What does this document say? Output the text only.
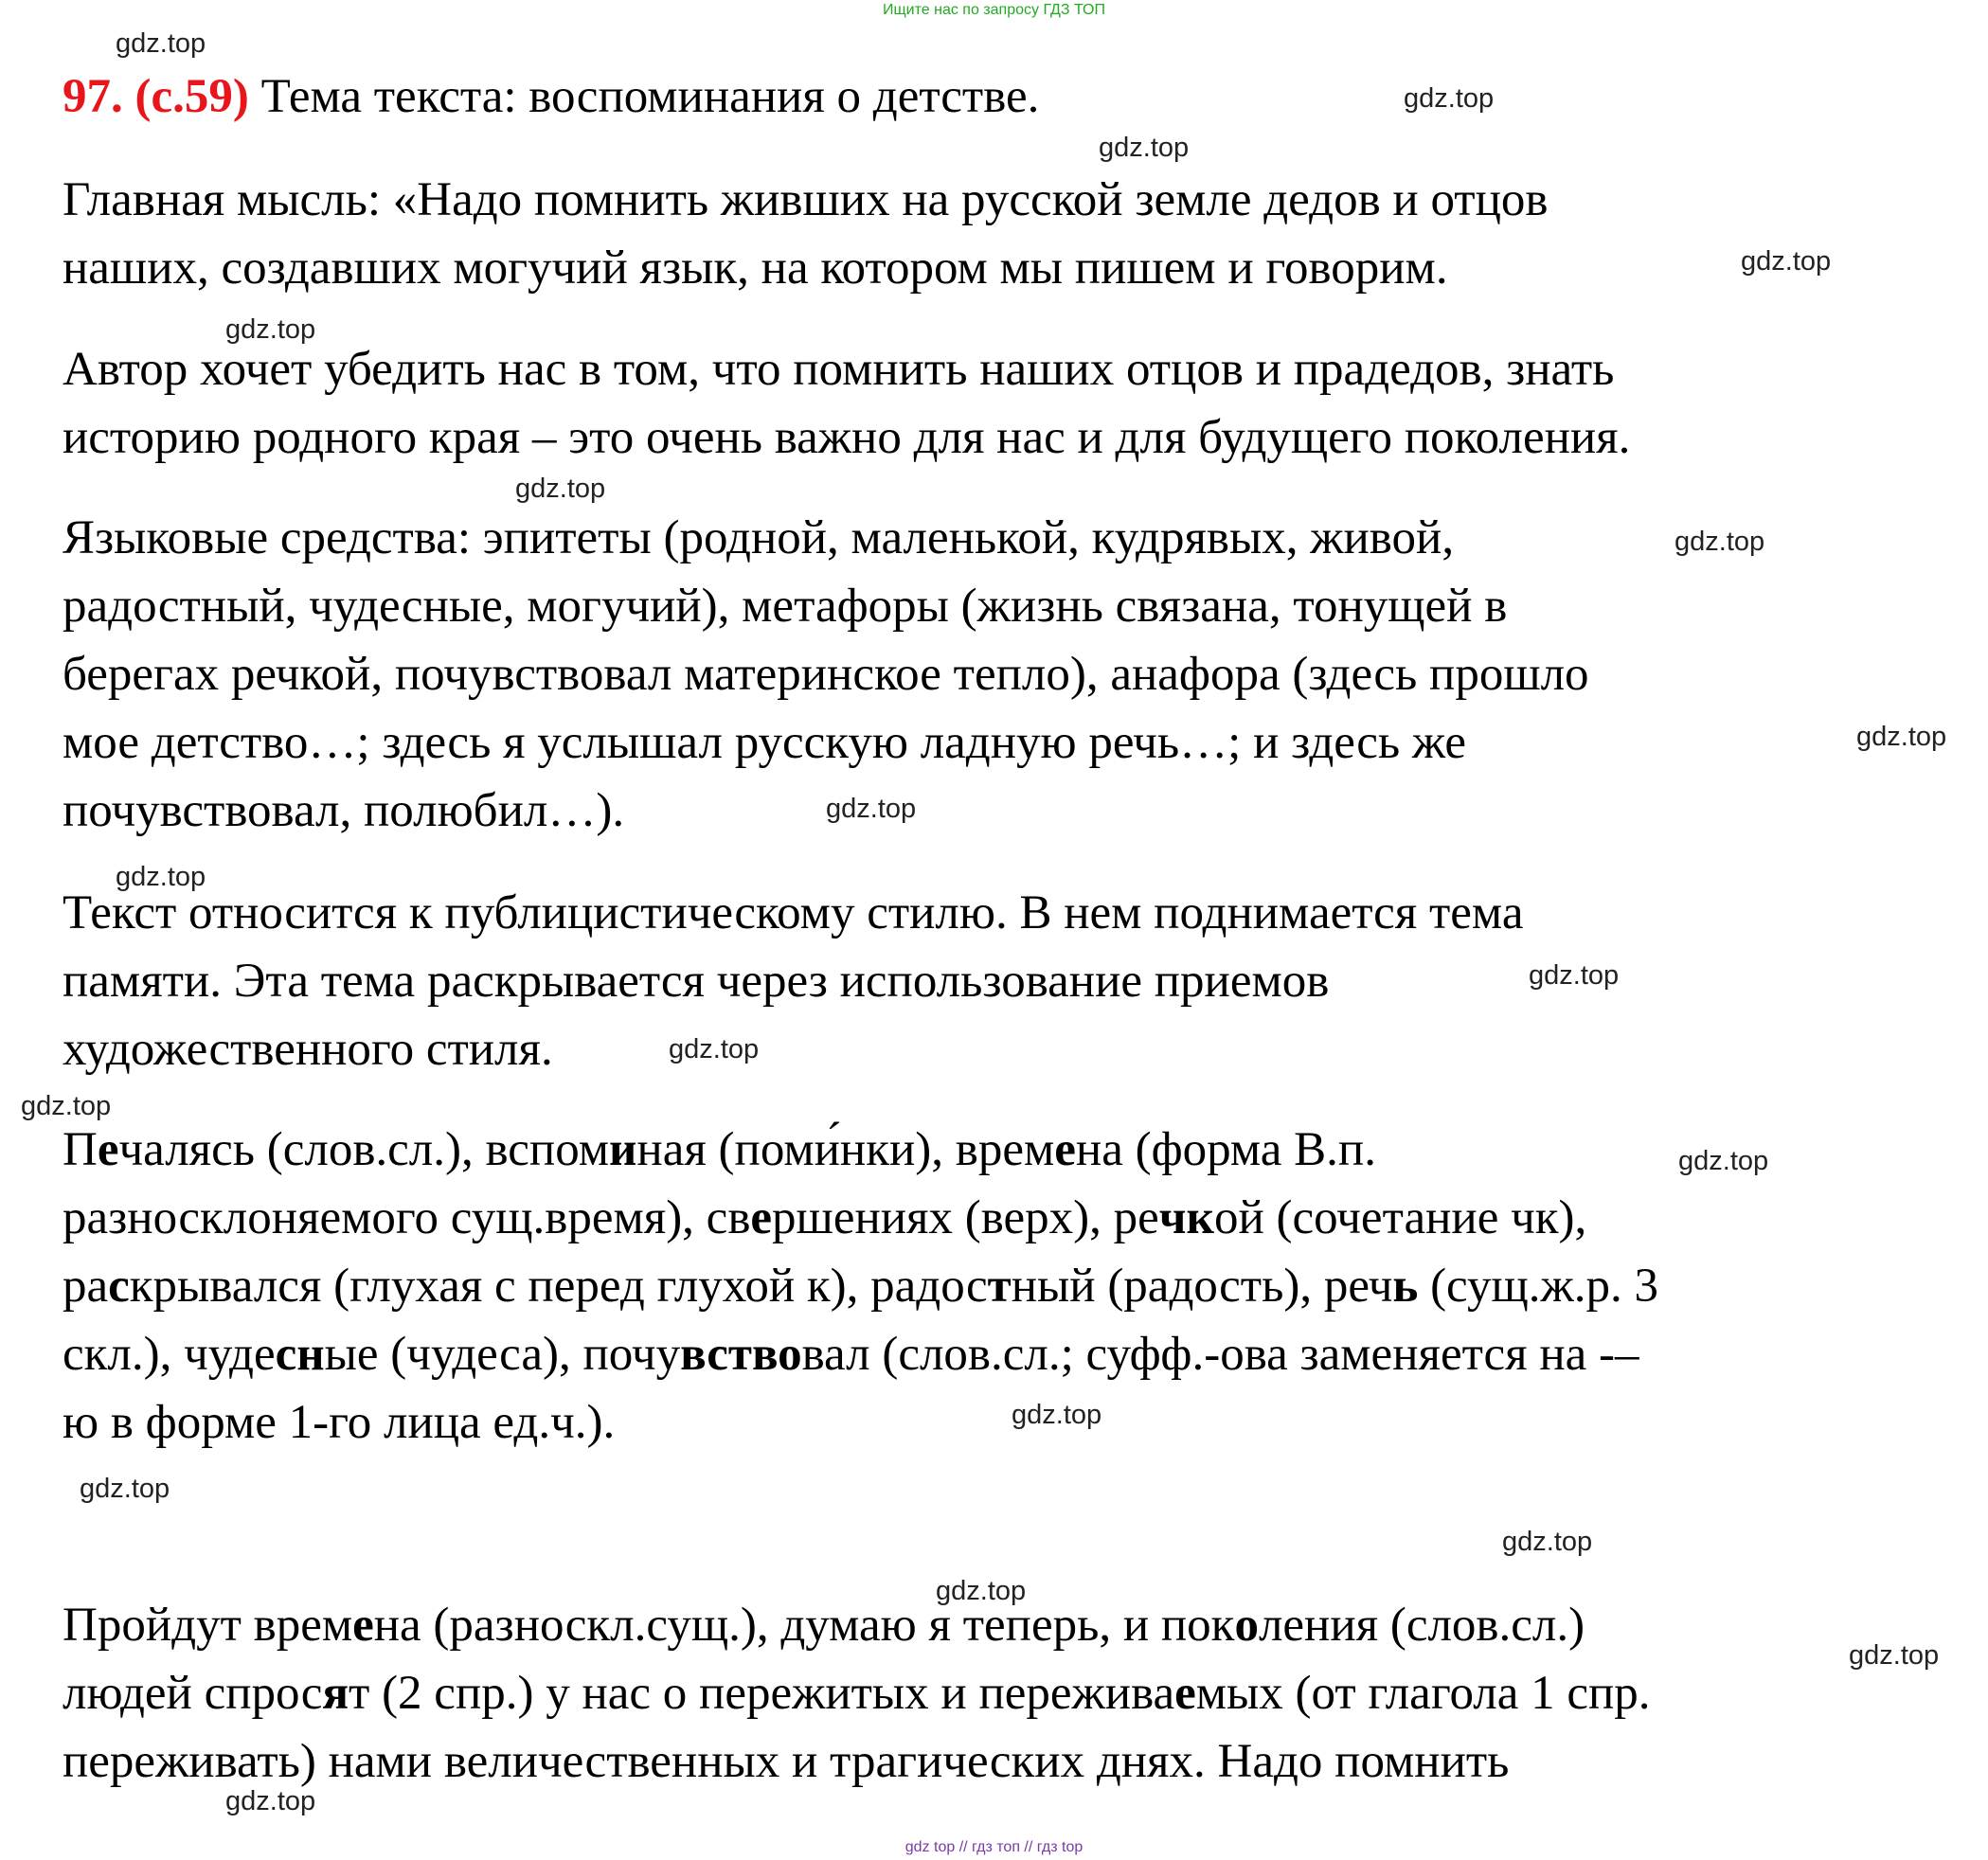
Ищите нас по запросу ГДЗ ТОП
gdz.top
gdz.top
gdz.top
gdz.top
gdz.top
gdz.top
gdz.top
gdz.top
gdz.top
gdz.top
gdz.top
gdz.top
gdz.top
gdz.top
gdz.top
gdz.top
gdz.top
gdz.top
gdz.top
gdz.top
97. (с.59) Тема текста: воспоминания о детстве.
Главная мысль: «Надо помнить живших на русской земле дедов и отцов
наших, создавших могучий язык, на котором мы пишем и говорим.
Автор хочет убедить нас в том, что помнить наших отцов и прадедов, знать
историю родного края – это очень важно для нас и для будущего поколения.
Языковые средства: эпитеты (родной, маленькой, кудрявых, живой,
радостный, чудесные, могучий), метафоры (жизнь связана, тонущей в
берегах речкой, почувствовал материнское тепло), анафора (здесь прошло
мое детство…; здесь я услышал русскую ладную речь…; и здесь же
почувствовал, полюбил…).
Текст относится к публицистическому стилю. В нем поднимается тема
памяти. Эта тема раскрывается через использование приемов
художественного стиля.
Печалясь (слов.сл.), вспоминая (поми́нки), времена (форма В.п.
разносклоняемого сущ.время), свершениях (верх), речкой (сочетание чк),
раскрывался (глухая с перед глухой к), радостный (радость), речь (сущ.ж.р. 3
скл.), чудесные (чудеса), почувствовал (слов.сл.; суфф.-ова заменяется на -–
ю в форме 1-го лица ед.ч.).
Пройдут времена (разноскл.сущ.), думаю я теперь, и поколения (слов.сл.)
людей спросят (2 спр.) у нас о пережитых и переживаемых (от глагола 1 спр.
переживать) нами величественных и трагических днях. Надо помнить
gdz top // гдз топ // гдз top
